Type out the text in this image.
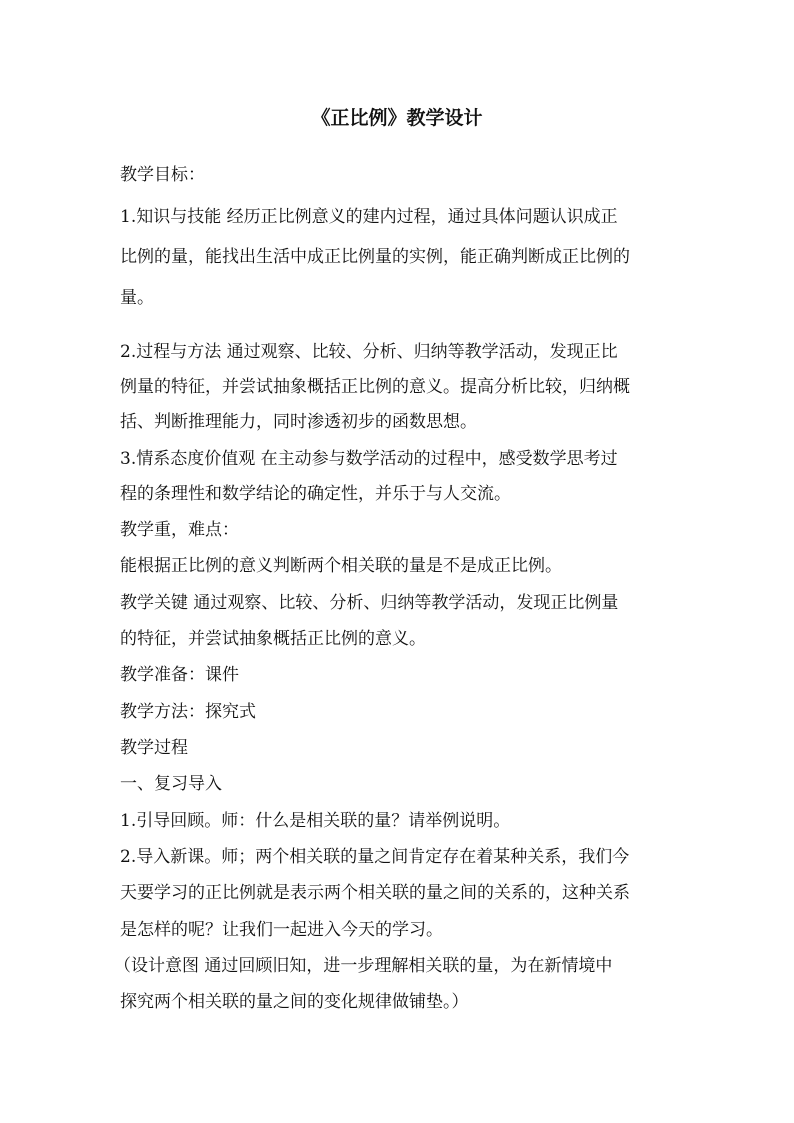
《正比例》教学设计
教学目标：
1.知识与技能 经历正比例意义的建内过程，通过具体问题认识成正
比例的量，能找出生活中成正比例量的实例，能正确判断成正比例的
量。
2.过程与方法 通过观察、比较、分析、归纳等教学活动，发现正比
例量的特征，并尝试抽象概括正比例的意义。提高分析比较，归纳概
括、判断推理能力，同时渗透初步的函数思想。
3.情系态度价值观 在主动参与数学活动的过程中，感受数学思考过
程的条理性和数学结论的确定性，并乐于与人交流。
教学重，难点：
能根据正比例的意义判断两个相关联的量是不是成正比例。
教学关键 通过观察、比较、分析、归纳等教学活动，发现正比例量
的特征，并尝试抽象概括正比例的意义。
教学准备：课件
教学方法：探究式
教学过程
一、复习导入
1.引导回顾。师：什么是相关联的量？请举例说明。
2.导入新课。师；两个相关联的量之间肯定存在着某种关系，我们今
天要学习的正比例就是表示两个相关联的量之间的关系的，这种关系
是怎样的呢？让我们一起进入今天的学习。
（设计意图 通过回顾旧知，进一步理解相关联的量，为在新情境中
探究两个相关联的量之间的变化规律做铺垫。）
